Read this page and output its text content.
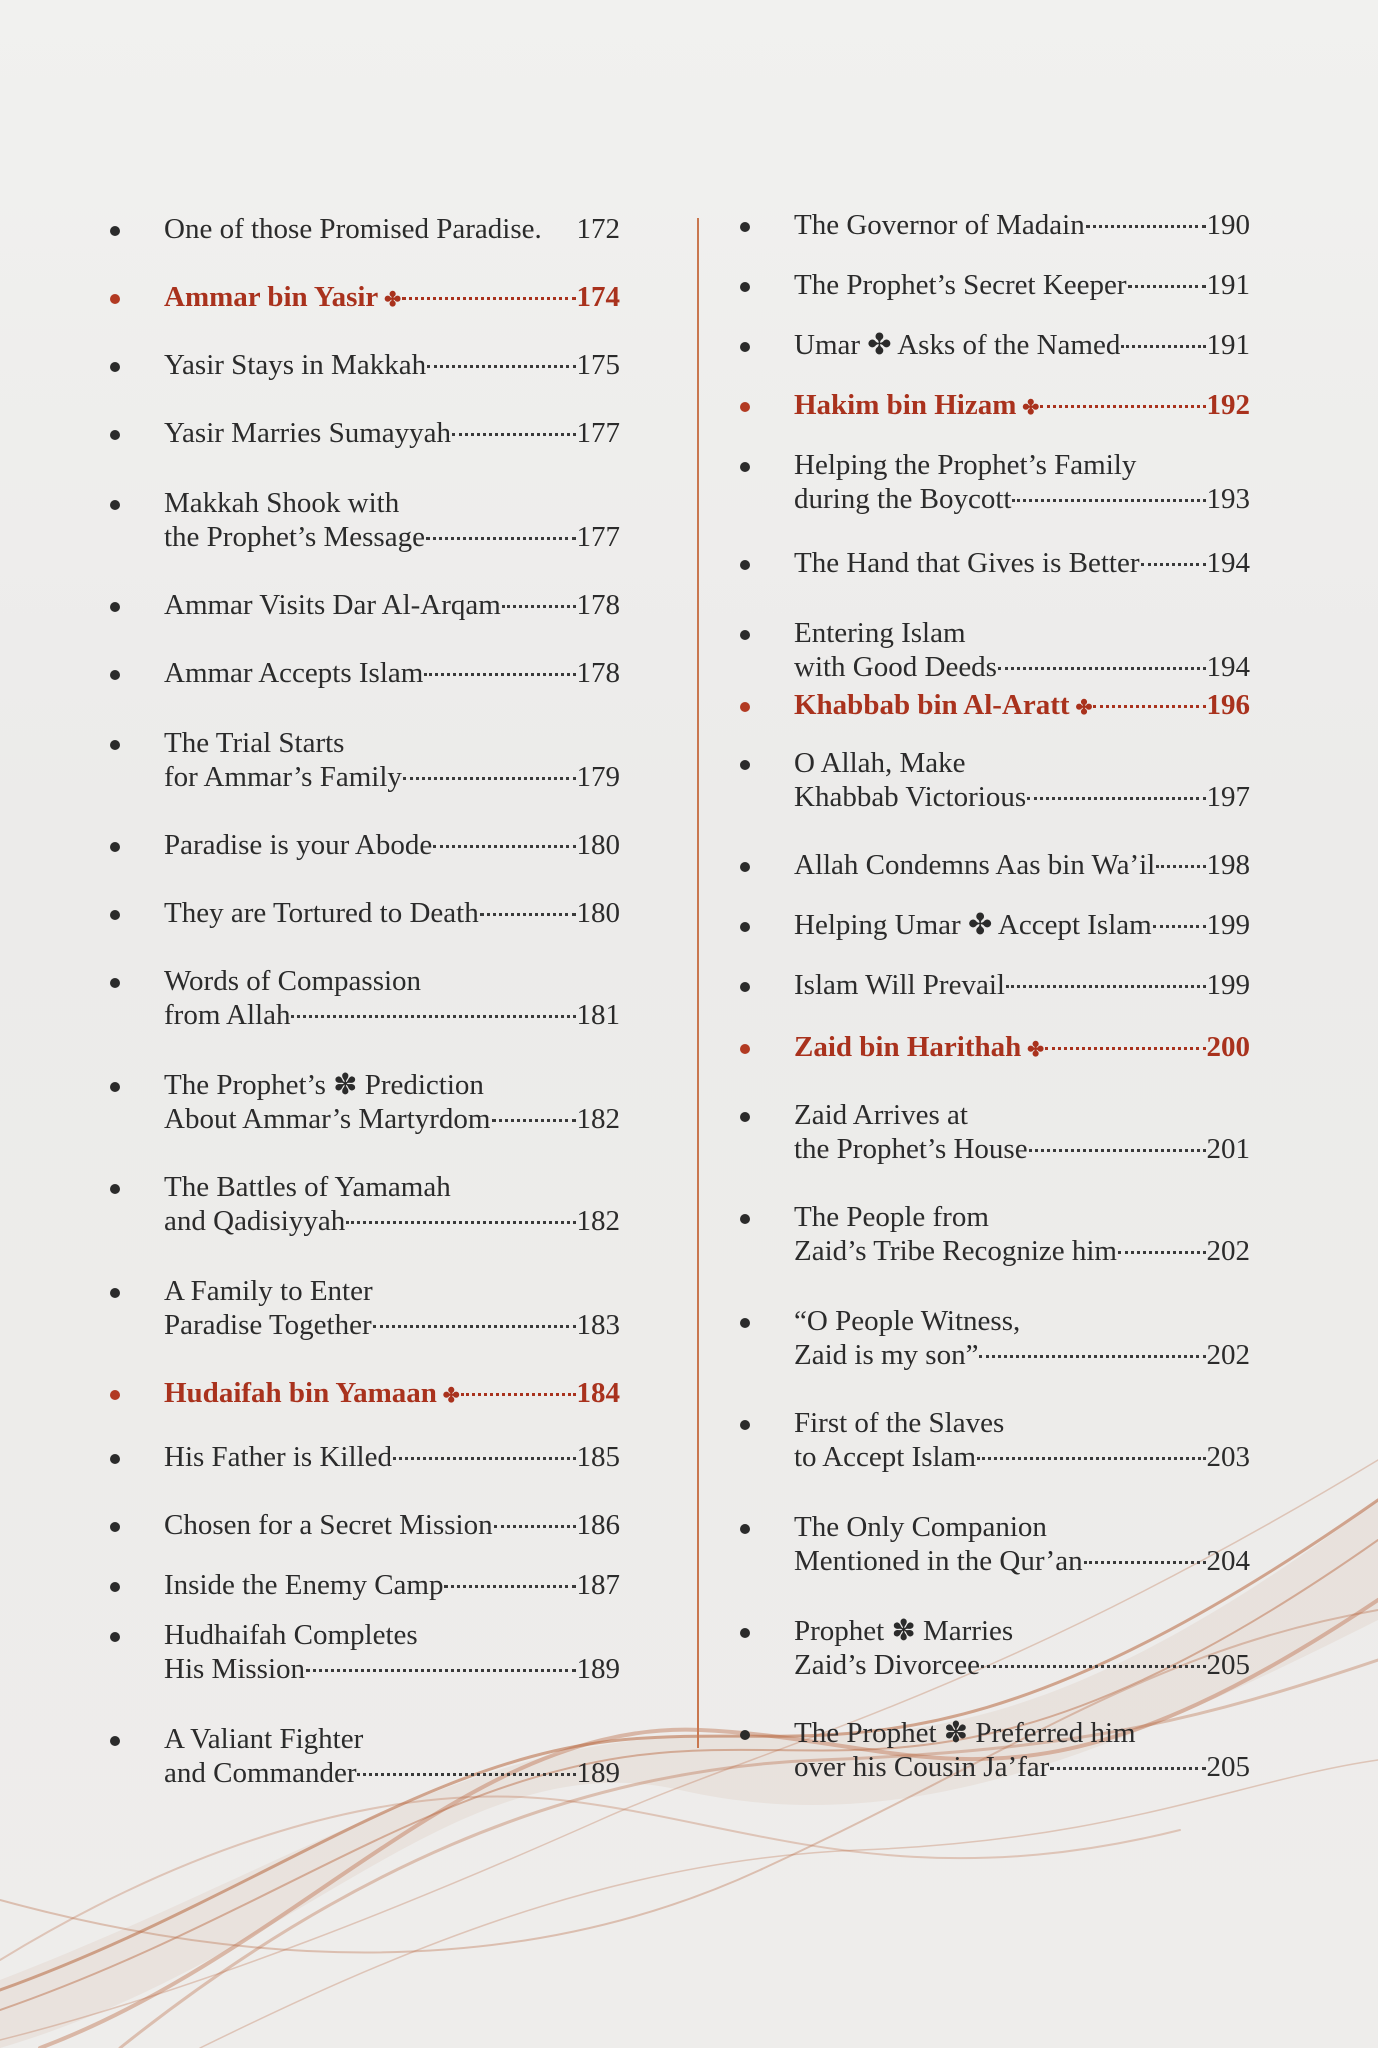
One of those Promised Paradise. 172
Ammar bin Yasir ✤	174
Yasir Stays in Makkah	175
Yasir Marries Sumayyah	177
Makkah Shook with
the Prophet’s Message	177
Ammar Visits Dar Al-Arqam	178
Ammar Accepts Islam	178
The Trial Starts
for Ammar’s Family	179
Paradise is your Abode	180
They are Tortured to Death	180
Words of Compassion
from Allah	181
The Prophet’s ✽ Prediction
About Ammar’s Martyrdom	182
The Battles of Yamamah
and Qadisiyyah	182
A Family to Enter
Paradise Together	183
Hudaifah bin Yamaan ✤	184
His Father is Killed	185
Chosen for a Secret Mission	186
Inside the Enemy Camp	187
Hudhaifah Completes
His Mission	189
A Valiant Fighter
and Commander	189
The Governor of Madain	190
The Prophet’s Secret Keeper	191
Umar ✤ Asks of the Named	191
Hakim bin Hizam ✤	192
Helping the Prophet’s Family
during the Boycott	193
The Hand that Gives is Better 194
Entering Islam
with Good Deeds	194
Khabbab bin Al-Aratt ✤	196
O Allah, Make
Khabbab Victorious	197
Allah Condemns Aas bin Wa’il 198
Helping Umar ✤ Accept Islam 199
Islam Will Prevail	199
Zaid bin Harithah ✤	200
Zaid Arrives at
the Prophet’s House	201
The People from
Zaid’s Tribe Recognize him	202
“O People Witness,
Zaid is my son”	202
First of the Slaves
to Accept Islam	203
The Only Companion
Mentioned in the Qur’an	204
Prophet ✽ Marries
Zaid’s Divorcee	205
The Prophet ✽ Preferred him
over his Cousin Ja’far	205
